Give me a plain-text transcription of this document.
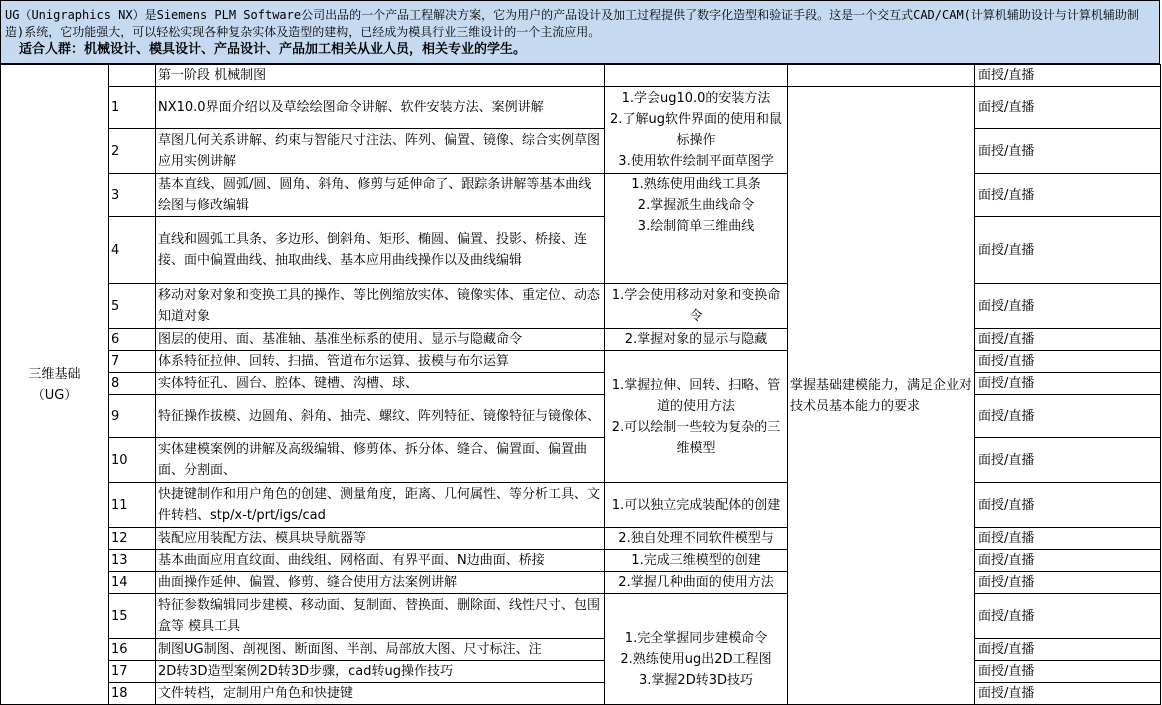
UG（Unigraphics NX）是Siemens PLM Software公司出品的一个产品工程解决方案，它为用户的产品设计及加工过程提供了数字化造型和验证手段。这是一个交互式CAD/CAM(计算机辅助设计与计算机辅助制造)系统，它功能强大，可以轻松实现各种复杂实体及造型的建构，已经成为模具行业三维设计的一个主流应用。
适合人群：机械设计、模具设计、产品设计、产品加工相关从业人员，相关专业的学生。
三维基础
（UG）		第一阶段 机械制图			面授/直播
	1	NX10.0界面介绍以及草绘绘图命令讲解、软件安装方法、案例讲解	1.学会ug10.0的安装方法
2.了解ug软件界面的使用和鼠标操作
3.使用软件绘制平面草图学	掌握基础建模能力，满足企业对技术员基本能力的要求	面授/直播
	2	草图几何关系讲解、约束与智能尺寸注法、阵列、偏置、镜像、综合实例草图应用实例讲解			面授/直播
	3	基本直线、圆弧/圆、圆角、斜角、修剪与延伸命了、跟踪条讲解等基本曲线绘图与修改编辑	1.熟练使用曲线工具条
2.掌握派生曲线命令
3.绘制简单三维曲线		面授/直播
	4	直线和圆弧工具条、多边形、倒斜角、矩形、椭圆、偏置、投影、桥接、连接、面中偏置曲线、抽取曲线、基本应用曲线操作以及曲线编辑			面授/直播
	5	移动对象对象和变换工具的操作、等比例缩放实体、镜像实体、重定位、动态知道对象	1.学会使用移动对象和变换命令		面授/直播
	6	图层的使用、面、基准轴、基准坐标系的使用、显示与隐藏命令	2.掌握对象的显示与隐藏		面授/直播
	7	体系特征拉伸、回转、扫描、管道布尔运算、拔模与布尔运算	1.掌握拉伸、回转、扫略、管道的使用方法
2.可以绘制一些较为复杂的三维模型		面授/直播
	8	实体特征孔、圆台、腔体、键槽、沟槽、球、			面授/直播
	9	特征操作拔模、边圆角、斜角、抽壳、螺纹、阵列特征、镜像特征与镜像体、			面授/直播
	10	实体建模案例的讲解及高级编辑、修剪体、拆分体、缝合、偏置面、偏置曲面、分割面、			面授/直播
	11	快捷键制作和用户角色的创建、测量角度，距离、几何属性、等分析工具、文件转档、stp/x-t/prt/igs/cad	1.可以独立完成装配体的创建		面授/直播
	12	装配应用装配方法、模具块导航器等	2.独自处理不同软件模型与		面授/直播
	13	基本曲面应用直纹面、曲线组、网格面、有界平面、N边曲面、桥接	1.完成三维模型的创建		面授/直播
	14	曲面操作延伸、偏置、修剪、缝合使用方法案例讲解	2.掌握几种曲面的使用方法		面授/直播
	15	特征参数编辑同步建模、移动面、复制面、替换面、删除面、线性尺寸、包围盒等 模具工具	1.完全掌握同步建模命令
2.熟练使用ug出2D工程图
3.掌握2D转3D技巧		面授/直播
	16	制图UG制图、剖视图、断面图、半剖、局部放大图、尺寸标注、注			面授/直播
	17	2D转3D造型案例2D转3D步骤，cad转ug操作技巧			面授/直播
	18	文件转档，定制用户角色和快捷键			面授/直播
